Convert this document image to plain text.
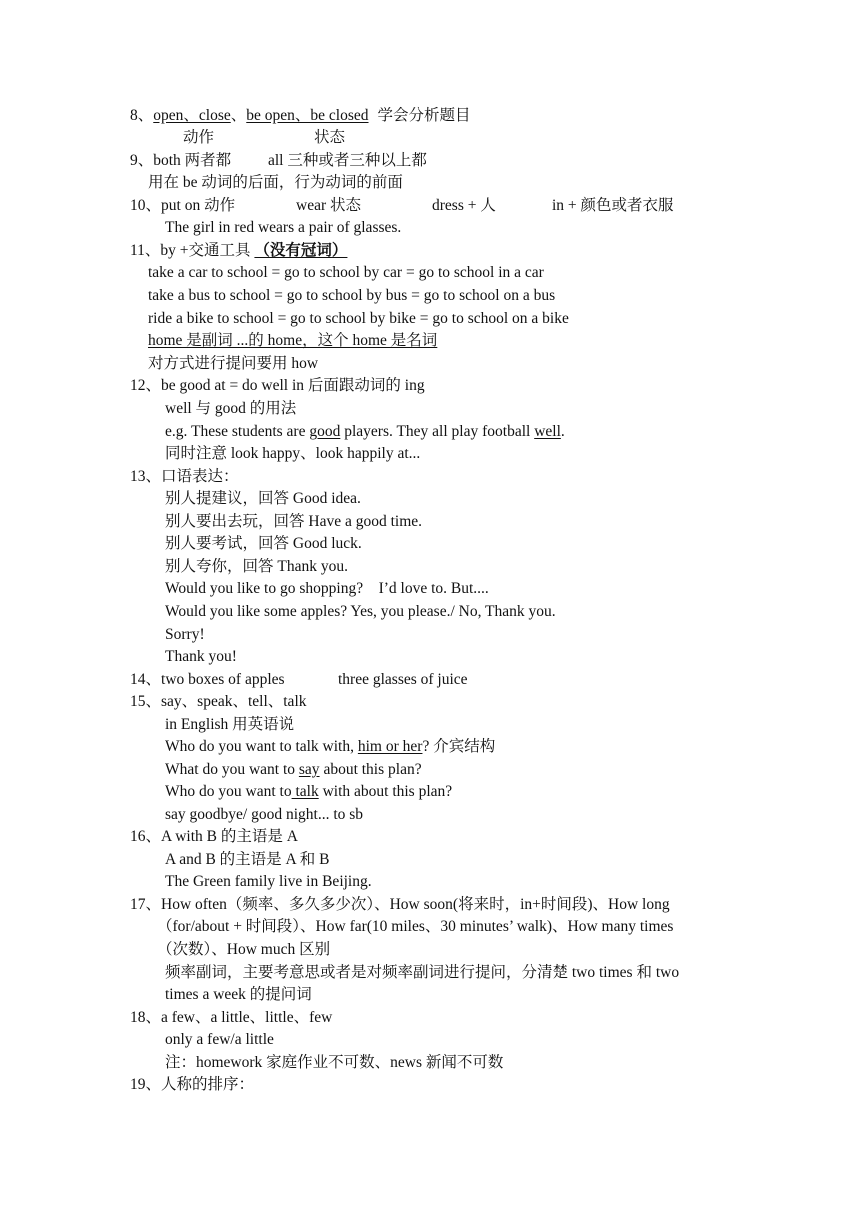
8、open、close、be open、be closed 学会分析题目
动作	状态
9、both 两者都 all 三种或者三种以上都
用在 be 动词的后面，行为动词的前面
10、put on 动作	wear 状态	dress + 人	in + 颜色或者衣服
The girl in red wears a pair of glasses.
11、by +交通工具 （没有冠词）
take a car to school = go to school by car = go to school in a car
take a bus to school = go to school by bus = go to school on a bus
ride a bike to school = go to school by bike = go to school on a bike
home 是副词 ...的 home，这个 home 是名词
对方式进行提问要用 how
12、be good at = do well in 后面跟动词的 ing
well 与 good 的用法
e.g. These students are good players. They all play football well.
同时注意 look happy、look happily at...
13、口语表达：
别人提建议，回答 Good idea.
别人要出去玩，回答 Have a good time.
别人要考试，回答 Good luck.
别人夸你，回答 Thank you.
Would you like to go shopping?    I’d love to. But....
Would you like some apples? Yes, you please./ No, Thank you.
Sorry!
Thank you!
14、two boxes of apples	three glasses of juice
15、say、speak、tell、talk
in English 用英语说
Who do you want to talk with, him or her? 介宾结构
What do you want to say about this plan?
Who do you want to talk with about this plan?
say goodbye/ good night... to sb
16、A with B 的主语是 A
A and B 的主语是 A 和 B
The Green family live in Beijing.
17、How often（频率、多久多少次）、How soon(将来时，in+时间段)、How long
（for/about + 时间段）、How far(10 miles、30 minutes’ walk)、How many times
（次数）、How much 区别
频率副词，主要考意思或者是对频率副词进行提问，分清楚 two times 和 two
times a week 的提问词
18、a few、a little、little、few
only a few/a little
注：homework 家庭作业不可数、news 新闻不可数
19、人称的排序：
